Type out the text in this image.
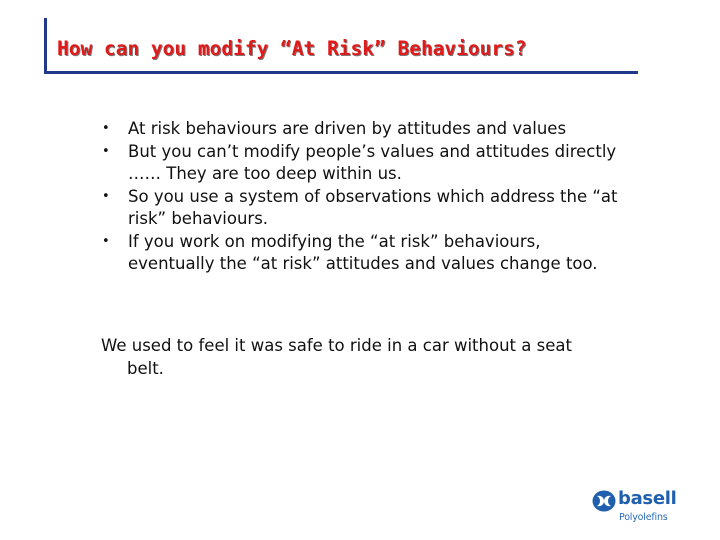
How can you modify “At Risk” Behaviours?
• At risk behaviours are driven by attitudes and values
• But you can’t modify people’s values and attitudes directly
…… They are too deep within us.
• So you use a system of observations which address the “at
risk” behaviours.
• If you work on modifying the “at risk” behaviours,
eventually the “at risk” attitudes and values change too.

We used to feel it was safe to ride in a car without a seat
belt.

basell
Polyolefins
